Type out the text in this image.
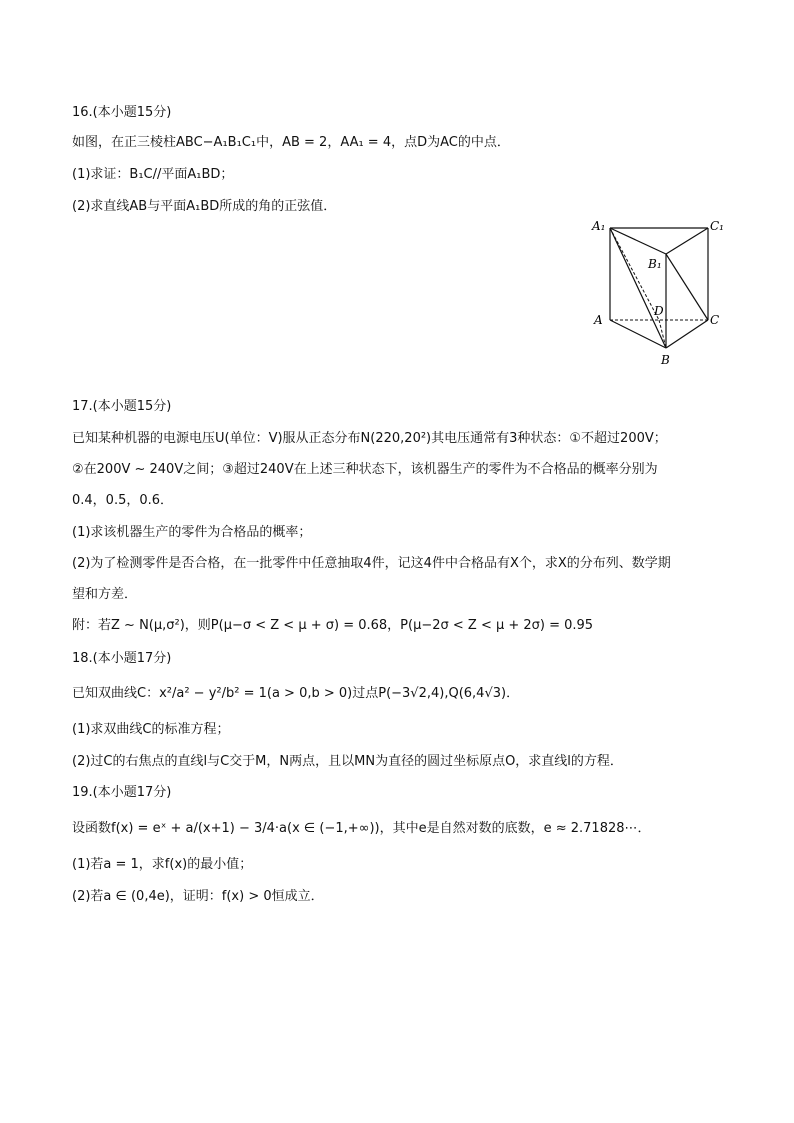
16.(本小题15分)
如图，在正三棱柱ABC−A₁B₁C₁中，AB = 2，AA₁ = 4，点D为AC的中点．
(1)求证：B₁C//平面A₁BD；
(2)求直线AB与平面A₁BD所成的角的正弦值．
A₁	C₁
B₁
D
A	C
B
17.(本小题15分)
已知某种机器的电源电压U(单位：V)服从正态分布N(220,20²)其电压通常有3种状态：①不超过200V；
②在200V ~ 240V之间；③超过240V在上述三种状态下，该机器生产的零件为不合格品的概率分别为
0.4，0.5，0.6．
(1)求该机器生产的零件为合格品的概率；
(2)为了检测零件是否合格，在一批零件中任意抽取4件，记这4件中合格品有X个，求X的分布列、数学期
望和方差．
附：若Z ~ N(μ,σ²)，则P(μ−σ < Z < μ + σ) = 0.68，P(μ−2σ < Z < μ + 2σ) = 0.95
18.(本小题17分)
已知双曲线C：x²/a² − y²/b² = 1(a > 0,b > 0)过点P(−3√2,4),Q(6,4√3)．
(1)求双曲线C的标准方程；
(2)过C的右焦点的直线l与C交于M，N两点，且以MN为直径的圆过坐标原点O，求直线l的方程．
19.(本小题17分)
设函数f(x) = eˣ + a/(x+1) − 3/4·a(x ∈ (−1,+∞))，其中e是自然对数的底数，e ≈ 2.71828⋯．
(1)若a = 1，求f(x)的最小值；
(2)若a ∈ (0,4e)，证明：f(x) > 0恒成立．
